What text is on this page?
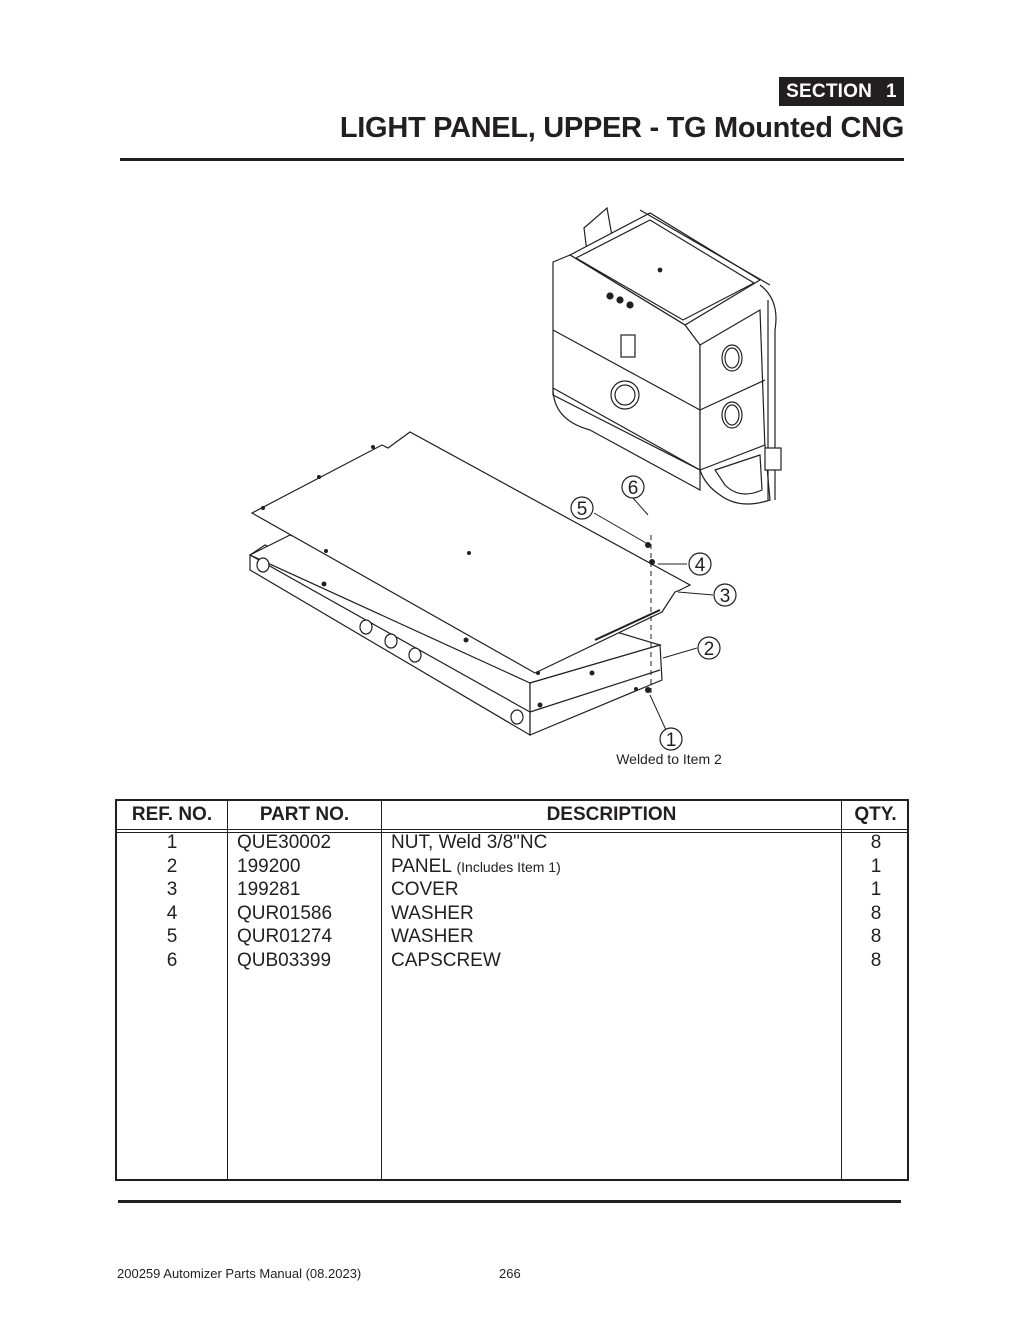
SECTION 1
LIGHT PANEL, UPPER - TG Mounted CNG
1
2
3
4
5
6
Welded to Item 2
REF. NO.	PART NO.	DESCRIPTION	QTY.
1	QUE30002	NUT, Weld 3/8"NC	8
2	199200	PANEL (Includes Item 1)	1
3	199281	COVER	1
4	QUR01586	WASHER	8
5	QUR01274	WASHER	8
6	QUB03399	CAPSCREW	8
200259 Automizer Parts Manual (08.2023)	266
